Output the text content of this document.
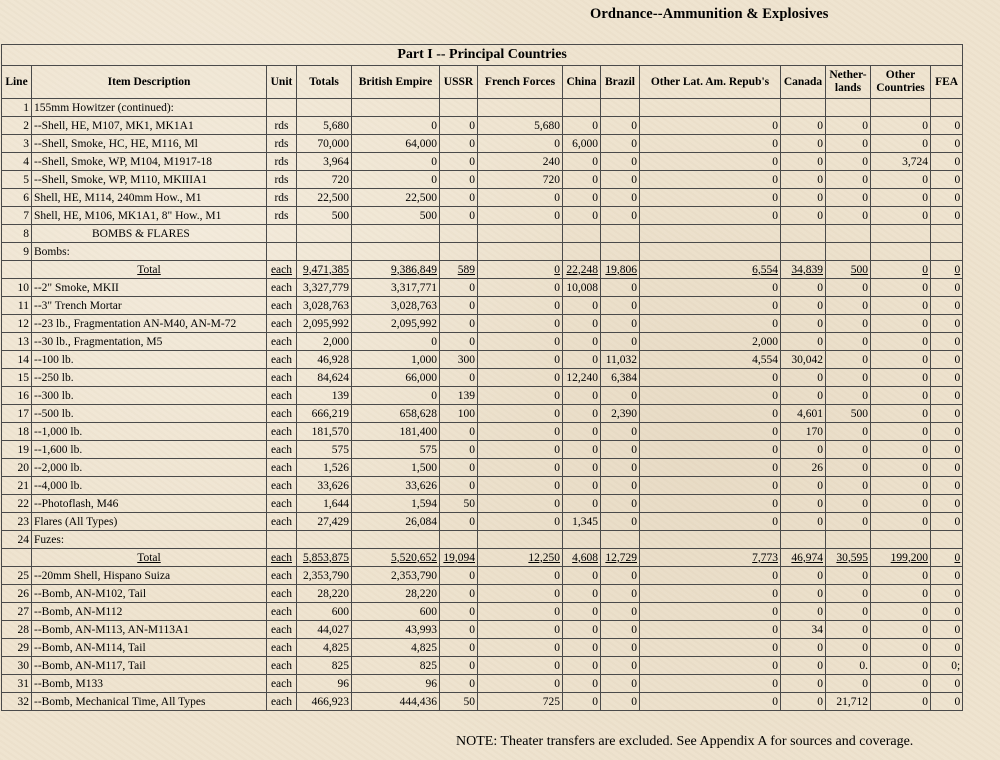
Ordnance--Ammunition & Explosives
Part I -- Principal Countries													
Line	Item Description	Unit	Totals	British Empire	USSR	French Forces	China	Brazil	Other Lat. Am. Repub's	Canada	Nether-lands	Other Countries	FEA
1	155mm Howitzer (continued):												
2	--Shell, HE, M107, MK1, MK1A1	rds	5,680	0	0	5,680	0	0	0	0	0	0	0
3	--Shell, Smoke, HC, HE, M116, Ml	rds	70,000	64,000	0	0	6,000	0	0	0	0	0	0
4	--Shell, Smoke, WP, M104, M1917-18	rds	3,964	0	0	240	0	0	0	0	0	3,724	0
5	--Shell, Smoke, WP, M110, MKIIIA1	rds	720	0	0	720	0	0	0	0	0	0	0
6	Shell, HE, M114, 240mm How., M1	rds	22,500	22,500	0	0	0	0	0	0	0	0	0
7	Shell, HE, M106, MK1A1, 8" How., M1	rds	500	500	0	0	0	0	0	0	0	0	0
8	BOMBS & FLARES												
9	Bombs:												
	Total	each	9,471,385	9,386,849	589	0	22,248	19,806	6,554	34,839	500	0	0
10	--2" Smoke, MKII	each	3,327,779	3,317,771	0	0	10,008	0	0	0	0	0	0
11	--3" Trench Mortar	each	3,028,763	3,028,763	0	0	0	0	0	0	0	0	0
12	--23 lb., Fragmentation AN-M40, AN-M-72	each	2,095,992	2,095,992	0	0	0	0	0	0	0	0	0
13	--30 lb., Fragmentation, M5	each	2,000	0	0	0	0	0	2,000	0	0	0	0
14	--100 lb.	each	46,928	1,000	300	0	0	11,032	4,554	30,042	0	0	0
15	--250 lb.	each	84,624	66,000	0	0	12,240	6,384	0	0	0	0	0
16	--300 lb.	each	139	0	139	0	0	0	0	0	0	0	0
17	--500 lb.	each	666,219	658,628	100	0	0	2,390	0	4,601	500	0	0
18	--1,000 lb.	each	181,570	181,400	0	0	0	0	0	170	0	0	0
19	--1,600 lb.	each	575	575	0	0	0	0	0	0	0	0	0
20	--2,000 lb.	each	1,526	1,500	0	0	0	0	0	26	0	0	0
21	--4,000 lb.	each	33,626	33,626	0	0	0	0	0	0	0	0	0
22	--Photoflash, M46	each	1,644	1,594	50	0	0	0	0	0	0	0	0
23	Flares (All Types)	each	27,429	26,084	0	0	1,345	0	0	0	0	0	0
24	Fuzes:												
	Total	each	5,853,875	5,520,652	19,094	12,250	4,608	12,729	7,773	46,974	30,595	199,200	0
25	--20mm Shell, Hispano Suiza	each	2,353,790	2,353,790	0	0	0	0	0	0	0	0	0
26	--Bomb, AN-M102, Tail	each	28,220	28,220	0	0	0	0	0	0	0	0	0
27	--Bomb, AN-M112	each	600	600	0	0	0	0	0	0	0	0	0
28	--Bomb, AN-M113, AN-M113A1	each	44,027	43,993	0	0	0	0	0	34	0	0	0
29	--Bomb, AN-M114, Tail	each	4,825	4,825	0	0	0	0	0	0	0	0	0
30	--Bomb, AN-M117, Tail	each	825	825	0	0	0	0	0	0	0.	0	0;
31	--Bomb, M133	each	96	96	0	0	0	0	0	0	0	0	0
32	--Bomb, Mechanical Time, All Types	each	466,923	444,436	50	725	0	0	0	0	21,712	0	0
NOTE: Theater transfers are excluded. See Appendix A for sources and coverage.
